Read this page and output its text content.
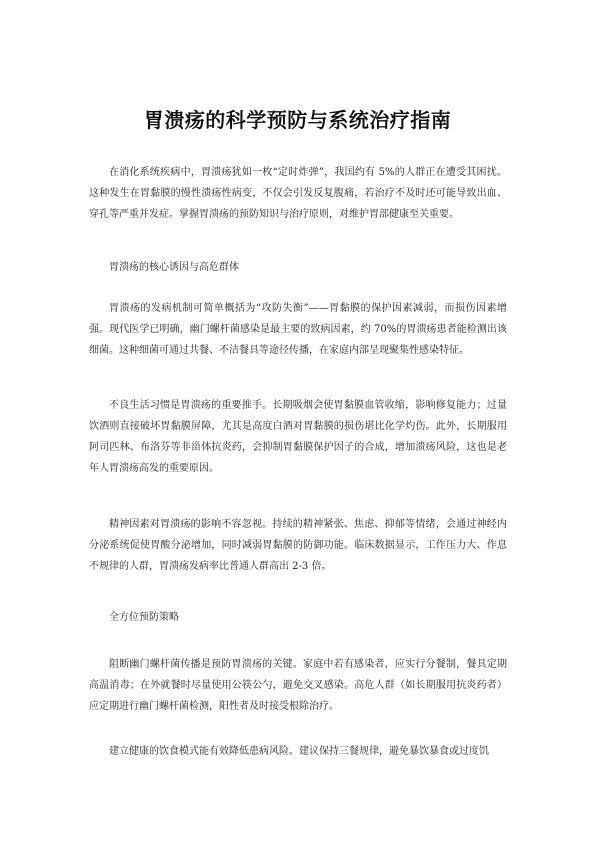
胃溃疡的科学预防与系统治疗指南

在消化系统疾病中，胃溃疡犹如一枚“定时炸弹”，我国约有 5%的人群正在遭受其困扰。这种发生在胃黏膜的慢性溃疡性病变，不仅会引发反复腹痛，若治疗不及时还可能导致出血、穿孔等严重并发症。掌握胃溃疡的预防知识与治疗原则，对维护胃部健康至关重要。

胃溃疡的核心诱因与高危群体

胃溃疡的发病机制可简单概括为“攻防失衡”——胃黏膜的保护因素减弱，而损伤因素增强。现代医学已明确，幽门螺杆菌感染是最主要的致病因素，约 70%的胃溃疡患者能检测出该细菌。这种细菌可通过共餐、不洁餐具等途径传播，在家庭内部呈现聚集性感染特征。

不良生活习惯是胃溃疡的重要推手。长期吸烟会使胃黏膜血管收缩，影响修复能力；过量饮酒则直接破坏胃黏膜屏障，尤其是高度白酒对胃黏膜的损伤堪比化学灼伤。此外，长期服用阿司匹林、布洛芬等非甾体抗炎药，会抑制胃黏膜保护因子的合成，增加溃疡风险，这也是老年人胃溃疡高发的重要原因。

精神因素对胃溃疡的影响不容忽视。持续的精神紧张、焦虑、抑郁等情绪，会通过神经内分泌系统促使胃酸分泌增加，同时减弱胃黏膜的防御功能。临床数据显示，工作压力大、作息不规律的人群，胃溃疡发病率比普通人群高出 2-3 倍。

全方位预防策略

阻断幽门螺杆菌传播是预防胃溃疡的关键。家庭中若有感染者，应实行分餐制，餐具定期高温消毒；在外就餐时尽量使用公筷公勺，避免交叉感染。高危人群（如长期服用抗炎药者）应定期进行幽门螺杆菌检测，阳性者及时接受根除治疗。

建立健康的饮食模式能有效降低患病风险。建议保持三餐规律，避免暴饮暴食或过度饥
